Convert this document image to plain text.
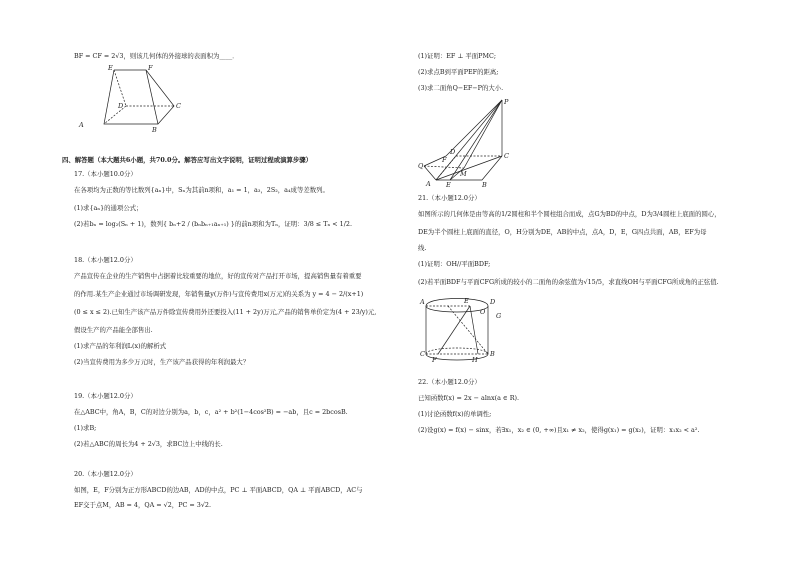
BF = CF = 2√3，则该几何体的外接球的表面积为____．
E	F
D	C
A
B
四、解答题（本大题共6小题，共70.0分。解答应写出文字说明，证明过程或演算步骤）
17.（本小题10.0分）
在各项均为正数的等比数列{aₙ}中，Sₙ为其前n项和，a₁ = 1，a₃，2S₂，a₄成等差数列。
(1)求{aₙ}的通项公式；
(2)若bₙ = log₂(Sₙ + 1)，数列{ bₙ+2 / (bₙbₙ₊₁aₙ₊₁) }的前n项和为Tₙ，证明：3/8 ≤ Tₙ < 1/2.
18.（本小题12.0分）
产品宣传在企业的生产销售中占据着比较重要的地位，好的宣传对产品打开市场，提高销售量有着重要
的作用.某生产企业通过市场调研发现，年销售量y(万件)与宣传费用x(万元)的关系为 y = 4 − 2/(x+1)
(0 ≤ x ≤ 2).已知生产该产品万件除宣传费用外还要投入(11 + 2y)万元,产品的销售单价定为(4 + 23/y)元,
假设生产的产品能全部售出.
(1)求产品的年利润L(x)的解析式
(2)当宣传费用为多少万元时，生产该产品获得的年利润最大？
19.（本小题12.0分）
在△ABC中，角A，B，C的对边分别为a，b，c，a² + b²(1−4cos²B) = −ab，且c = 2bcosB.
(1)求B;
(2)若△ABC的周长为4 + 2√3，求BC边上中线的长.
20.（本小题12.0分）
如图，E，F分别为正方形ABCD的边AB，AD的中点，PC ⊥ 平面ABCD，QA ⊥ 平面ABCD，AC与
EF交于点M，AB = 4，QA = √2，PC = 3√2.
(1)证明：EF ⊥ 平面PMC;
(2)求点B到平面PEF的距离;
(3)求二面角Q−EF−P的大小.
P
Q
D	C
A E
F
M
B
21.（本小题12.0分）
如图所示的几何体是由等高的1/2圆柱和半个圆柱组合而成，点G为BD的中点，D为3/4圆柱上底面的圆心，
DE为半个圆柱上底面的直径，O，H分别为DE，AB的中点，点A，D，E，G四点共面，AB，EF为母
线.
(1)证明：OH//平面BDF;
(2)若平面BDF与平面CFG所成的较小的二面角的余弦值为√15/5，求直线OH与平面CFG所成角的正弦值.
A	E	D
O G
C	B
F	H
22.（本小题12.0分）
已知函数f(x) = 2x − alnx(a ∈ R).
(1)讨论函数f(x)的单调性;
(2)设g(x) = f(x) − sinx，若∃x₁，x₂ ∈ (0, +∞)且x₁ ≠ x₂，使得g(x₁) = g(x₂)，证明：x₁x₂ < a².
